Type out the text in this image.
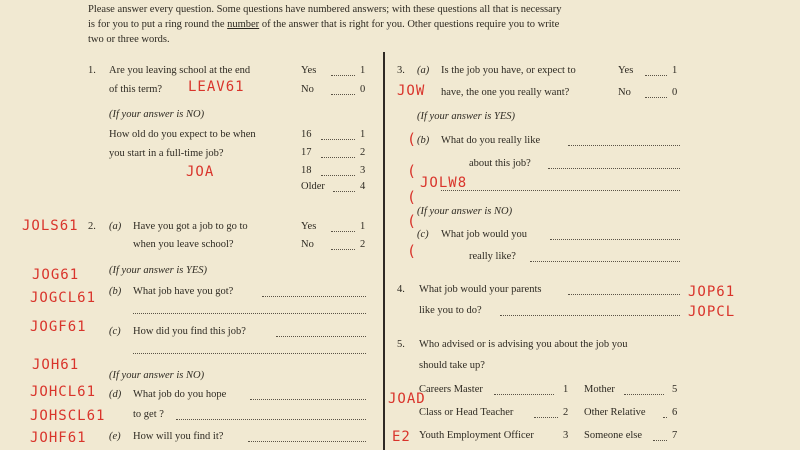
Please answer every question. Some questions have numbered answers; with these questions all that is necessary
is for you to put a ring round the number of the answer that is right for you. Other questions require you to write
two or three words.
1. Are you leaving school at the end
of this term?
Yes	1
No	0
(If your answer is NO)
How old do you expect to be when
you start in a full-time job?
16	1
17	2
18	3
Older	4
2. (a) Have you got a job to go to
when you leave school?
Yes	1
No	2
(If your answer is YES)
(b) What job have you got?
(c) How did you find this job?
(If your answer is NO)
(d) What job do you hope
to get ?
(e) How will you find it?
3. (a) Is the job you have, or expect to
have, the one you really want?
Yes	1
No	0
(If your answer is YES)
(b) What do you really like
about this job?
(If your answer is NO)
(c) What job would you
really like?
4. What job would your parents
like you to do?
5. Who advised or is advising you about the job you
should take up?
Careers Master	1 Mother	5
Class or Head Teacher	2 Other Relative	6
Youth Employment Officer	3 Someone else	7
LEAV61
JOA
JOLS61
JOG61
JOGCL61
JOGF61
JOH61
JOHCL61
JOHSCL61
JOHF61
JOW
JOLW8
JOP61
JOPCL
JOAD
E2
(
(
(
(
(
